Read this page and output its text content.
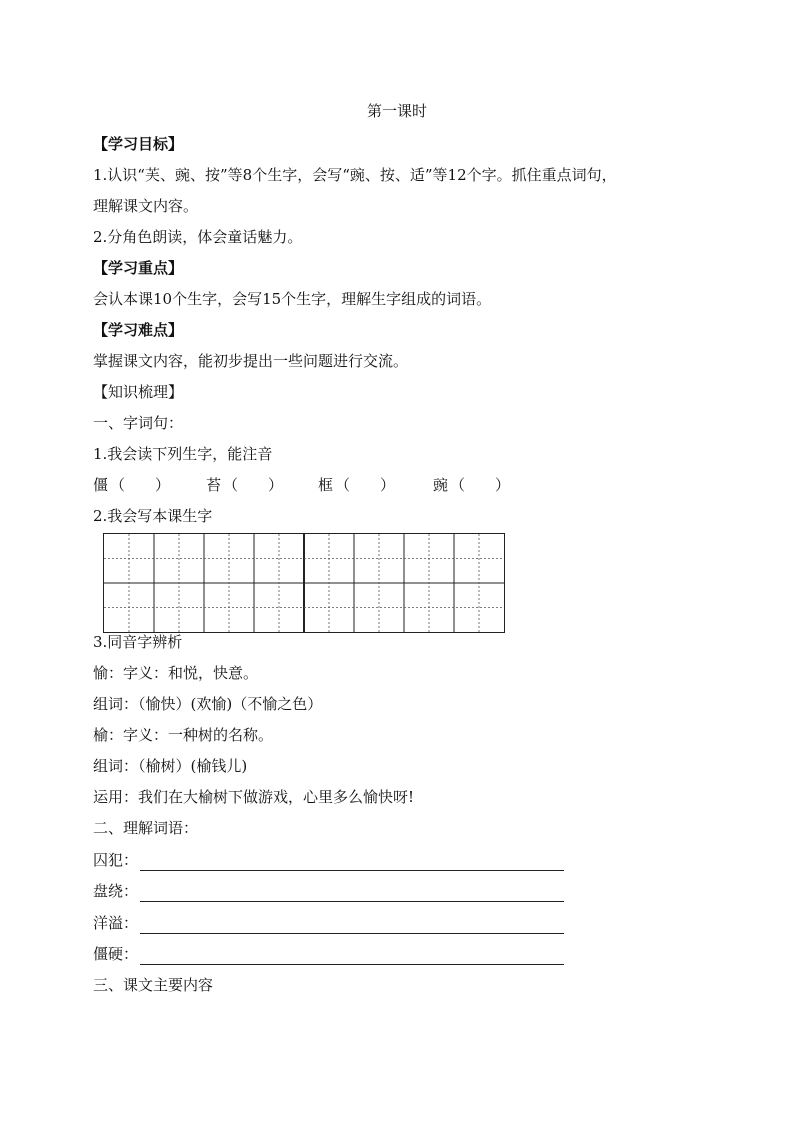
第一课时
【学习目标】
1.认识“芙、豌、按”等8个生字，会写“豌、按、适”等12个字。抓住重点词句，
理解课文内容。
2.分角色朗读，体会童话魅力。
【学习重点】
会认本课10个生字，会写15个生字，理解生字组成的词语。
【学习难点】
掌握课文内容，能初步提出一些问题进行交流。
【知识梳理】
一、字词句：
1.我会读下列生字，能注音
僵 （　　）	苔 （　　）	框 （　　）	豌 （　　）
2.我会写本课生字
3.同音字辨析
愉：字义：和悦，快意。
组词：（愉快）(欢愉)（不愉之色）
榆：字义：一种树的名称。
组词：（榆树）(榆钱儿)
运用：我们在大榆树下做游戏，心里多么愉快呀!
二、理解词语：
囚犯：
盘绕：
洋溢：
僵硬：
三、课文主要内容
